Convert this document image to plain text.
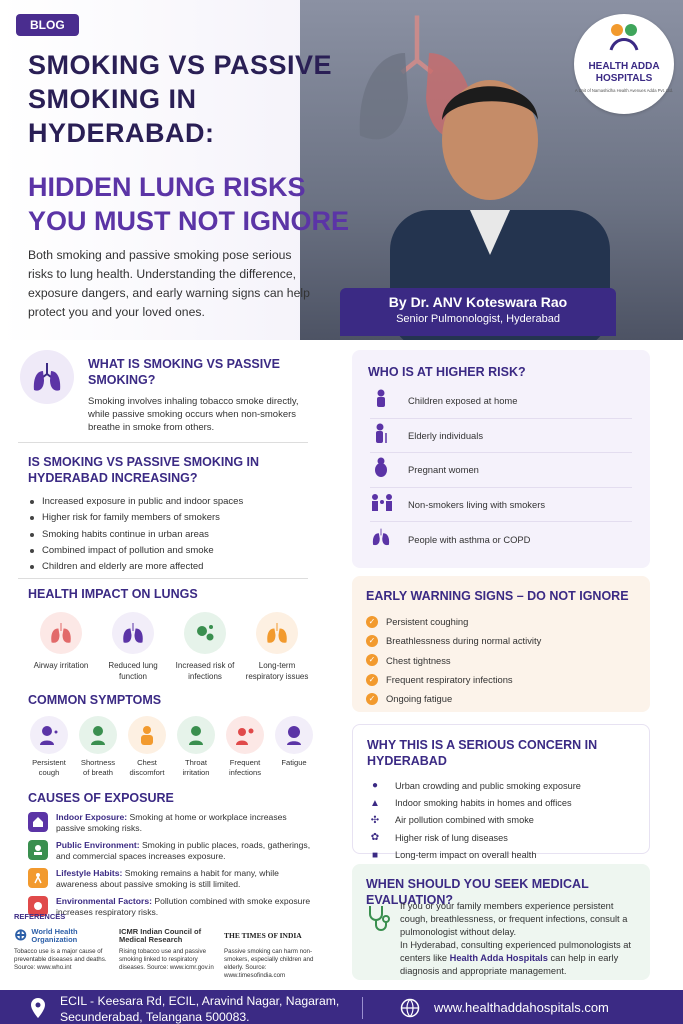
BLOG
SMOKING VS PASSIVE SMOKING IN HYDERABAD:
HIDDEN LUNG RISKS YOU MUST NOT IGNORE
Both smoking and passive smoking pose serious risks to lung health. Understanding the difference, exposure dangers, and early warning signs can help protect you and your loved ones.
HEALTH ADDA HOSPITALS
A Unit of Namashidha Health Avenues Adda Pvt. Ltd.
By Dr. ANV Koteswara Rao
Senior Pulmonologist, Hyderabad
WHAT IS SMOKING VS PASSIVE SMOKING?

Smoking involves inhaling tobacco smoke directly, while passive smoking occurs when non-smokers breathe in smoke from others.

IS SMOKING VS PASSIVE SMOKING IN HYDERABAD INCREASING?
Increased exposure in public and indoor spaces
Higher risk for family members of smokers
Smoking habits continue in urban areas
Combined impact of pollution and smoke
Children and elderly are more affected
HEALTH IMPACT ON LUNGS
Airway irritation	Reduced lung function
Increased risk of infections
Long-term respiratory issues
COMMON SYMPTOMS
Persistent cough
Shortness of breath
Chest discomfort
Throat irritation
Frequent infections
Fatigue
CAUSES OF EXPOSURE

Indoor Exposure: Smoking at home or workplace increases passive smoking risks.

Public Environment: Smoking in public places, roads, gatherings, and commercial spaces increases exposure.

Lifestyle Habits: Smoking remains a habit for many, while awareness about passive smoking is still limited.

Environmental Factors: Pollution combined with smoke exposure increases respiratory risks.

REFERENCES
⊕ World Health Organization
Tobacco use is a major cause of preventable diseases and deaths. Source: www.who.int
ICMR Indian Council of Medical Research
Rising tobacco use and passive smoking linked to respiratory diseases. Source: www.icmr.gov.in
THE TIMES OF INDIA
Passive smoking can harm non-smokers, especially children and elderly. Source: www.timesofindia.com
WHO IS AT HIGHER RISK?
Children exposed at home
Elderly individuals
Pregnant women
Non-smokers living with smokers
People with asthma or COPD
EARLY WARNING SIGNS – DO NOT IGNORE
✓ Persistent coughing
✓ Breathlessness during normal activity
✓ Chest tightness
✓ Frequent respiratory infections
✓ Ongoing fatigue
WHY THIS IS A SERIOUS CONCERN IN HYDERABAD
●	Urban crowding and public smoking exposure
▲	Indoor smoking habits in homes and offices
✣	Air pollution combined with smoke
✿	Higher risk of lung diseases
■	Long-term impact on overall health
WHEN SHOULD YOU SEEK MEDICAL EVALUATION?

If you or your family members experience persistent cough, breathlessness, or frequent infections, consult a pulmonologist without delay.
In Hyderabad, consulting experienced pulmonologists at centers like Health Adda Hospitals can help in early diagnosis and appropriate management.

ECIL - Keesara Rd, ECIL, Aravind Nagar, Nagaram, Secunderabad, Telangana 500083.
www.healthaddahospitals.com
